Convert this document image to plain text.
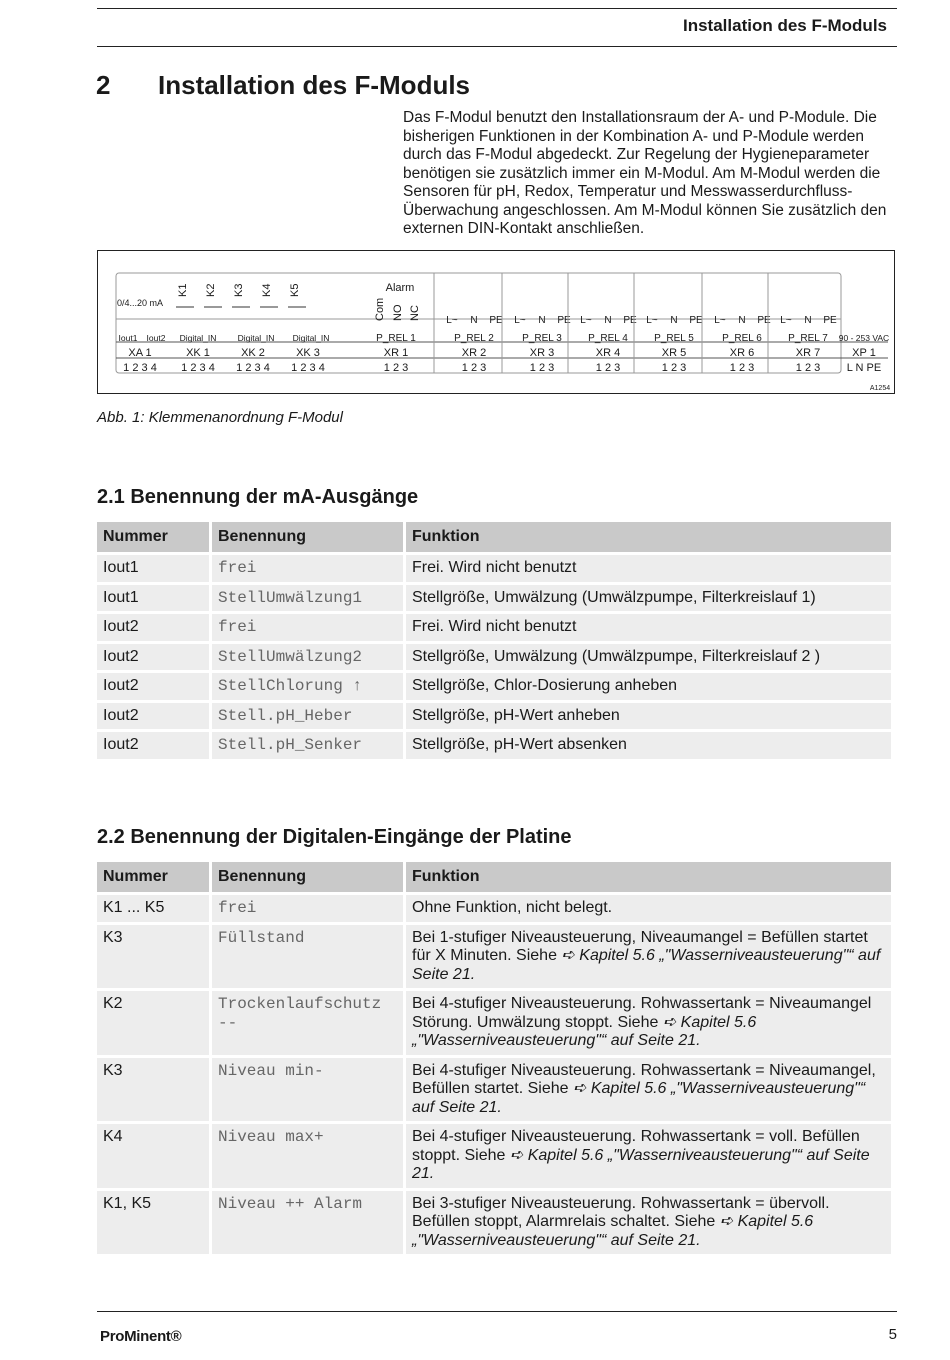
Installation des F-Moduls
2 Installation des F-Moduls

Das F-Modul benutzt den Installationsraum der A- und P-Module. Die bisherigen Funktionen in der Kombination A- und P-Module werden durch das F-Modul abgedeckt. Zur Regelung der Hygieneparameter benötigen sie zusätzlich immer ein M-Modul. Am M-Modul werden die Sensoren für pH, Redox, Temperatur und Messwasserdurchfluss-Überwachung angeschlossen. Am M-Modul können Sie zusätzlich den externen DIN-Kontakt anschließen.

0/4...20 mA
Iout1 Iout2
K1 K2 K3 K4 K5
Digital_IN Digital_IN Digital_IN
Alarm
Com NO NC
P_REL 1	P_REL 2
L~ N PE
P_REL 3
L~ N PE
P_REL 4
L~ N PE
P_REL 5
L~ N PE
P_REL 6
L~ N PE
P_REL 7
L~ N PE
90 - 253 VAC
XA 1	XK 1	XK 2	XK 3	XR 1	XR 2	XR 3	XR 4	XR 5	XR 6	XR 7	XP 1
1 2 3 4 1 2 3 4 1 2 3 4 1 2 3 4	1 2 3	1 2 3	1 2 3	1 2 3	1 2 3	1 2 3	1 2 3 L N PE
A1254
Abb. 1: Klemmenanordnung F-Modul
2.1 Benennung der mA-Ausgänge
Nummer	Benennung	Funktion
Iout1	frei	Frei. Wird nicht benutzt
Iout1	StellUmwälzung1	Stellgröße, Umwälzung (Umwälzpumpe, Filterkreislauf 1)
Iout2	frei	Frei. Wird nicht benutzt
Iout2	StellUmwälzung2	Stellgröße, Umwälzung (Umwälzpumpe, Filterkreislauf 2 )
Iout2	StellChlorung ↑	Stellgröße, Chlor-Dosierung anheben
Iout2	Stell.pH_Heber	Stellgröße, pH-Wert anheben
Iout2	Stell.pH_Senker	Stellgröße, pH-Wert absenken
2.2 Benennung der Digitalen-Eingänge der Platine
Nummer	Benennung	Funktion
K1 ... K5	frei	Ohne Funktion, nicht belegt.
K3	Füllstand	Bei 1-stufiger Niveausteuerung, Niveaumangel = Befüllen startet für X Minuten. Siehe ➪ Kapitel 5.6 „"Wasserniveausteuerung"“ auf Seite 21.
K2	Trockenlaufschutz --	Bei 4-stufiger Niveausteuerung. Rohwassertank = Niveaumangel Störung. Umwälzung stoppt. Siehe ➪ Kapitel 5.6 „"Wasserniveausteuerung"“ auf Seite 21.
K3	Niveau min-	Bei 4-stufiger Niveausteuerung. Rohwassertank = Niveaumangel, Befüllen startet. Siehe ➪ Kapitel 5.6 „"Wasserniveausteuerung"“ auf Seite 21.
K4	Niveau max+	Bei 4-stufiger Niveausteuerung. Rohwassertank = voll. Befüllen stoppt. Siehe ➪ Kapitel 5.6 „"Wasserniveausteuerung"“ auf Seite 21.
K1, K5	Niveau ++ Alarm	Bei 3-stufiger Niveausteuerung. Rohwassertank = übervoll. Befüllen stoppt, Alarmrelais schaltet. Siehe ➪ Kapitel 5.6 „"Wasserniveausteuerung"“ auf Seite 21.
ProMinent®	5
